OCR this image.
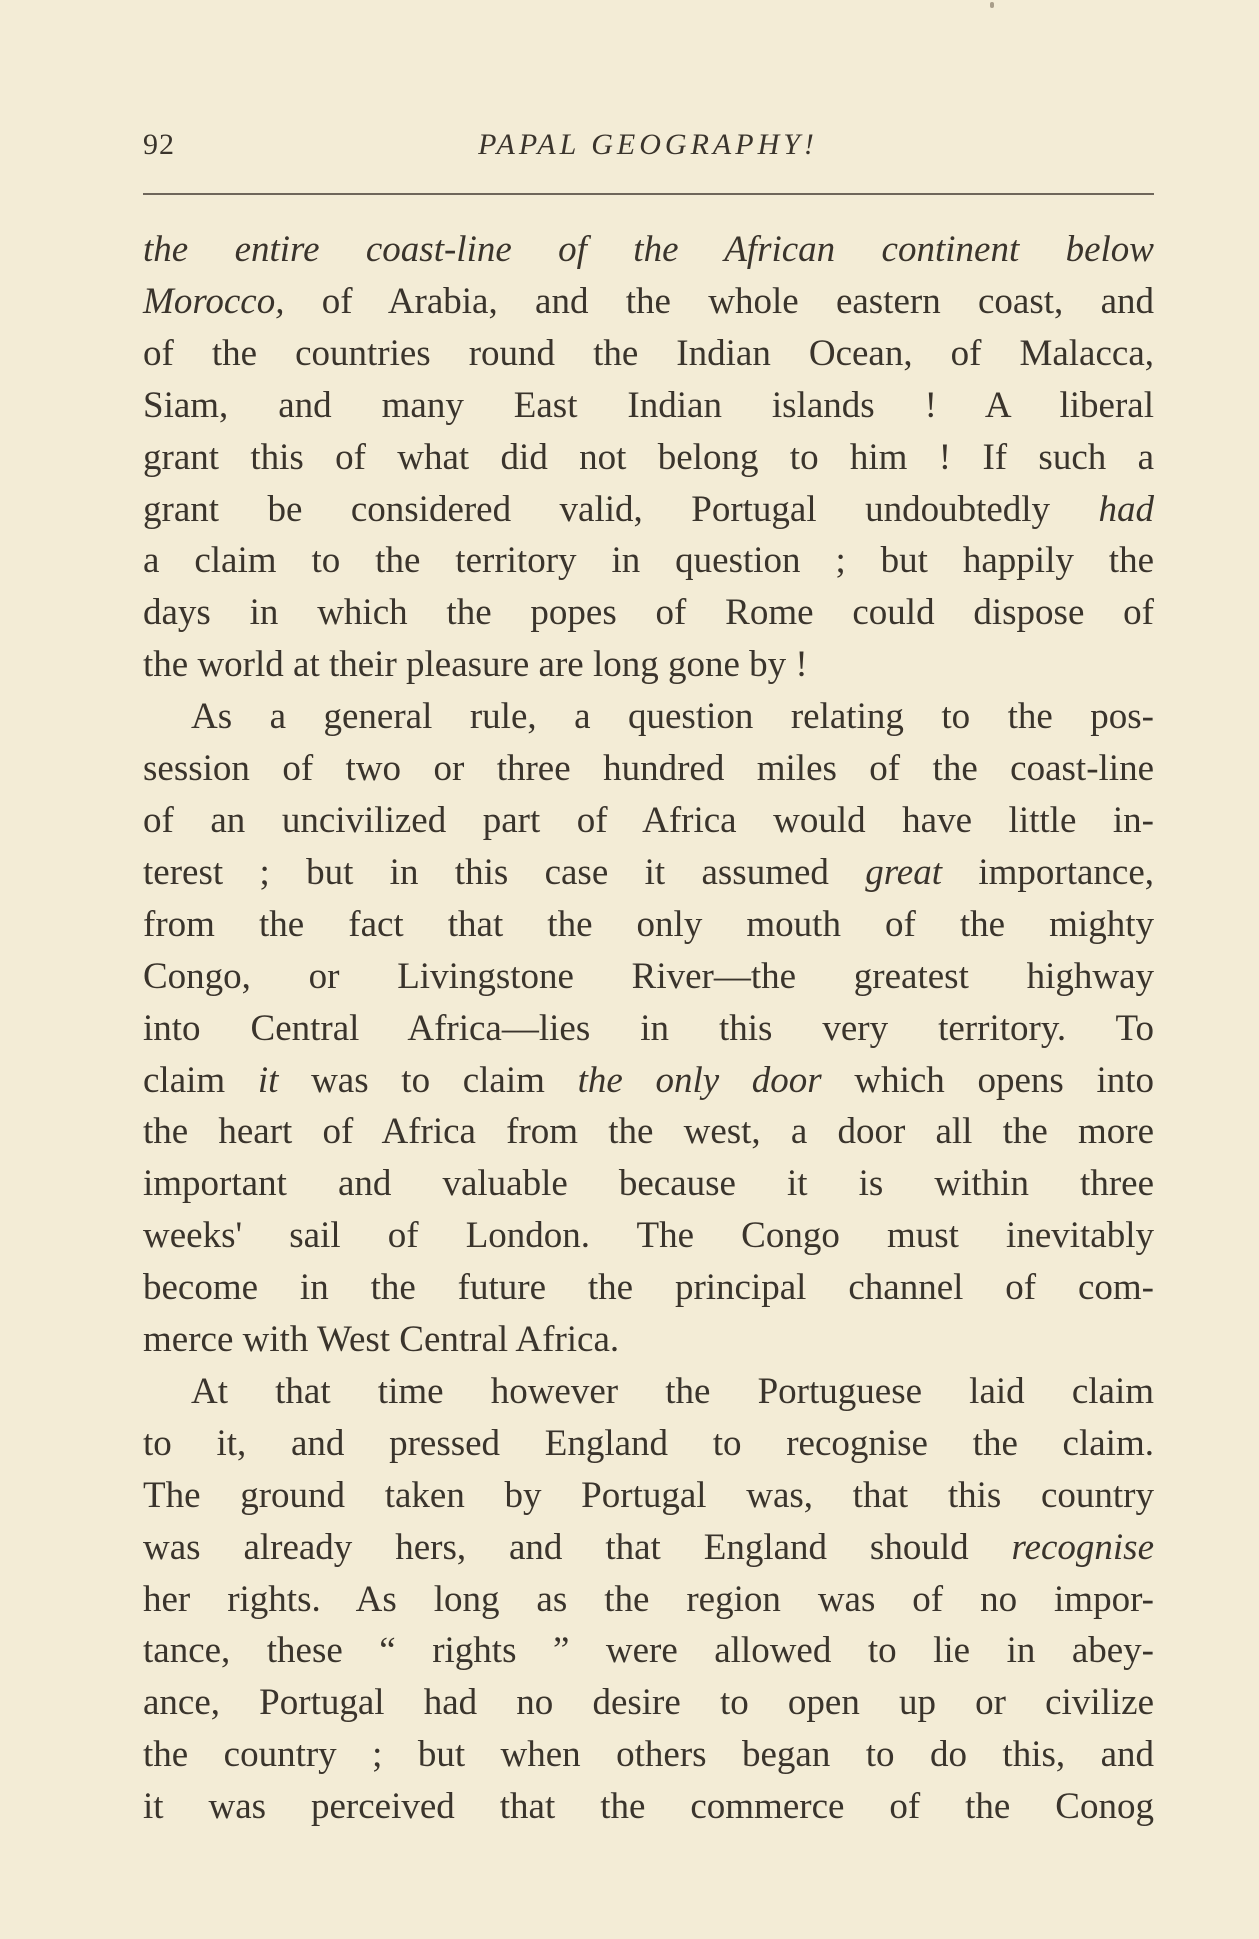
92	PAPAL GEOGRAPHY!
the entire coast-line of the African continent below
Morocco, of Arabia, and the whole eastern coast, and
of the countries round the Indian Ocean, of Malacca,
Siam, and many East Indian islands ! A liberal
grant this of what did not belong to him ! If such a
grant be considered valid, Portugal undoubtedly had
a claim to the territory in question ; but happily the
days in which the popes of Rome could dispose of
the world at their pleasure are long gone by !
As a general rule, a question relating to the pos-
session of two or three hundred miles of the coast-line
of an uncivilized part of Africa would have little in-
terest ; but in this case it assumed great importance,
from the fact that the only mouth of the mighty
Congo, or Livingstone River—the greatest highway
into Central Africa—lies in this very territory. To
claim it was to claim the only door which opens into
the heart of Africa from the west, a door all the more
important and valuable because it is within three
weeks' sail of London. The Congo must inevitably
become in the future the principal channel of com-
merce with West Central Africa.
At that time however the Portuguese laid claim
to it, and pressed England to recognise the claim.
The ground taken by Portugal was, that this country
was already hers, and that England should recognise
her rights. As long as the region was of no impor-
tance, these “ rights ” were allowed to lie in abey-
ance, Portugal had no desire to open up or civilize
the country ; but when others began to do this, and
it was perceived that the commerce of the Conog
